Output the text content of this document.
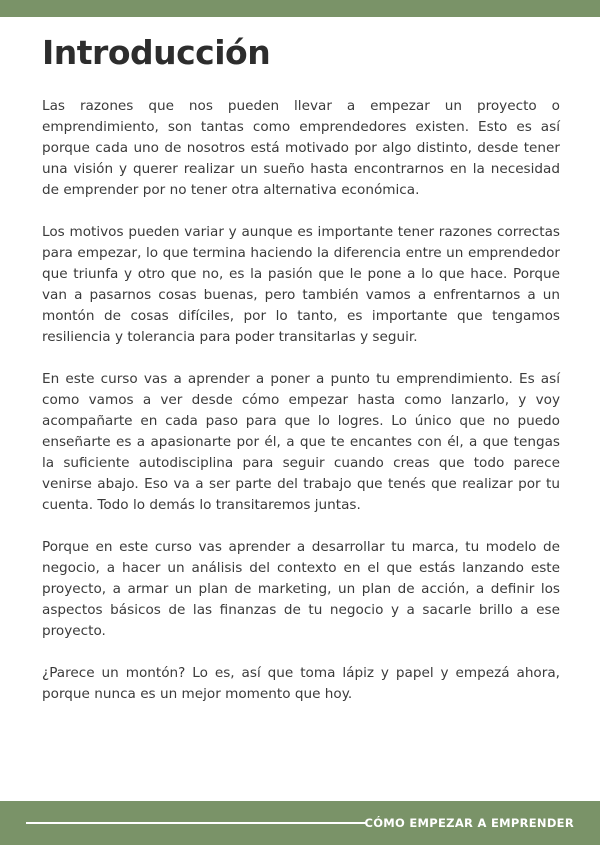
Introducción

Las razones que nos pueden llevar a empezar un proyecto o emprendimiento, son tantas como emprendedores existen. Esto es así porque cada uno de nosotros está motivado por algo distinto, desde tener una visión y querer realizar un sueño hasta encontrarnos en la necesidad de emprender por no tener otra alternativa económica.

Los motivos pueden variar y aunque es importante tener razones correctas para empezar, lo que termina haciendo la diferencia entre un emprendedor que triunfa y otro que no, es la pasión que le pone a lo que hace. Porque van a pasarnos cosas buenas, pero también vamos a enfrentarnos a un montón de cosas difíciles, por lo tanto, es importante que tengamos resiliencia y tolerancia para poder transitarlas y seguir.

En este curso vas a aprender a poner a punto tu emprendimiento. Es así como vamos a ver desde cómo empezar hasta como lanzarlo, y voy acompañarte en cada paso para que lo logres. Lo único que no puedo enseñarte es a apasionarte por él, a que te encantes con él, a que tengas la suficiente autodisciplina para seguir cuando creas que todo parece venirse abajo. Eso va a ser parte del trabajo que tenés que realizar por tu cuenta. Todo lo demás lo transitaremos juntas.

Porque en este curso vas aprender a desarrollar tu marca, tu modelo de negocio, a hacer un análisis del contexto en el que estás lanzando este proyecto, a armar un plan de marketing, un plan de acción, a definir los aspectos básicos de las finanzas de tu negocio y a sacarle brillo a ese proyecto.

¿Parece un montón? Lo es, así que toma lápiz y papel y empezá ahora, porque nunca es un mejor momento que hoy.

CÓMO EMPEZAR A EMPRENDER
